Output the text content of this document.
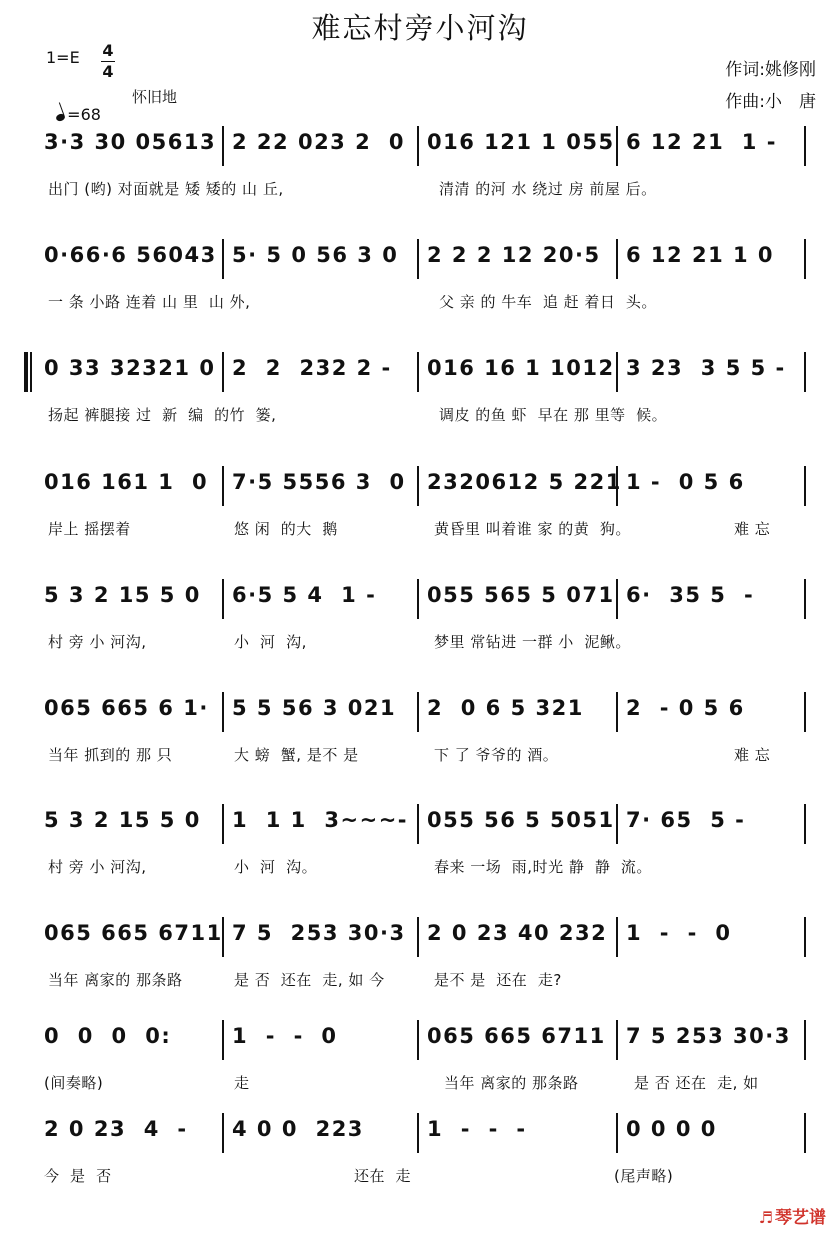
难忘村旁小河沟
1=E 4
4

=68

怀旧地
作词:姚修刚
作曲:小　唐
3·3 30 05613 2 22 023 2  0 016 121 1 055 6 12 21  1 -
出门 (哟) 对面就是 矮 矮的 山 丘,	清清 的河 水 绕过 房 前屋 后。
0·66·6 56043 5· 5 0 56 3 0 2 2 2 12 20·5 6 12 21 1 0
一 条 小路 连着 山 里  山 外,	父 亲 的 牛车  追 赶 着日  头。
0 33 32321 0 2  2  232 2 - 016 16 1 1012 3 23  3 5 5 -
扬起 裤腿接 过  新  编  的竹  篓,	调皮 的鱼 虾  早在 那 里等  候。
016 161 1  0 7·5 5556 3  0 2320612 5 221 1 -  0 5 6
岸上 摇摆着	悠 闲  的大  鹅	黄昏里 叫着谁 家 的黄  狗。	难 忘
5 3 2 15 5 0 6·5 5 4  1 - 055 565 5 071 6·  35 5  -
村 旁 小 河沟,	小  河  沟,	梦里 常钻进 一群 小  泥鳅。
065 665 6 1· 5 5 56 3 021 2  0 6 5 321 2  - 0 5 6
当年 抓到的 那 只	大 螃  蟹, 是不 是	下 了 爷爷的 酒。	难 忘
5 3 2 15 5 0 1  1 1  3~~~- 055 56 5 5051 7· 65  5 -
村 旁 小 河沟,	小  河  沟。	春来 一场  雨,时光 静  静  流。
065 665 6711 7 5  253 30·3 2 0 23 40 232 1  -  -  0
当年 离家的 那条路	是 否  还在  走, 如 今	是不 是  还在  走?
0  0  0  0:	1  -  -  0	065 665 6711 7 5 253 30·3
(间奏略)	走	当年 离家的 那条路	是 否 还在  走, 如
2 0 23  4  - 4 0 0  223	1  -  -  -	0 0 0 0
今  是  否	还在  走	(尾声略)
♬ 琴艺谱
